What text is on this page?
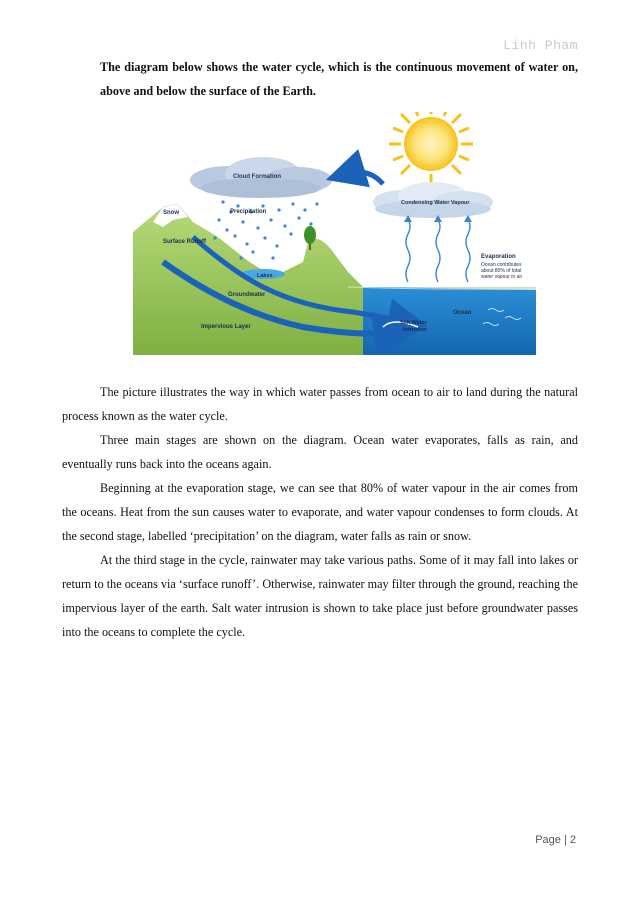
Linh Pham
The diagram below shows the water cycle, which is the continuous movement of water on, above and below the surface of the Earth.
Cloud Formation
Precipitation
Snow
Surface Runoff
Lakes
Groundwater
Impervious Layer
Condensing Water Vapour
Evaporation
Ocean contributes
about 80% of total
water vapour in air
Ocean
Salt Water
Intrusion

The picture illustrates the way in which water passes from ocean to air to land during the natural process known as the water cycle.

Three main stages are shown on the diagram. Ocean water evaporates, falls as rain, and eventually runs back into the oceans again.

Beginning at the evaporation stage, we can see that 80% of water vapour in the air comes from the oceans. Heat from the sun causes water to evaporate, and water vapour condenses to form clouds. At the second stage, labelled ‘precipitation’ on the diagram, water falls as rain or snow.

At the third stage in the cycle, rainwater may take various paths. Some of it may fall into lakes or return to the oceans via ‘surface runoff’. Otherwise, rainwater may filter through the ground, reaching the impervious layer of the earth. Salt water intrusion is shown to take place just before groundwater passes into the oceans to complete the cycle.

Page | 2
